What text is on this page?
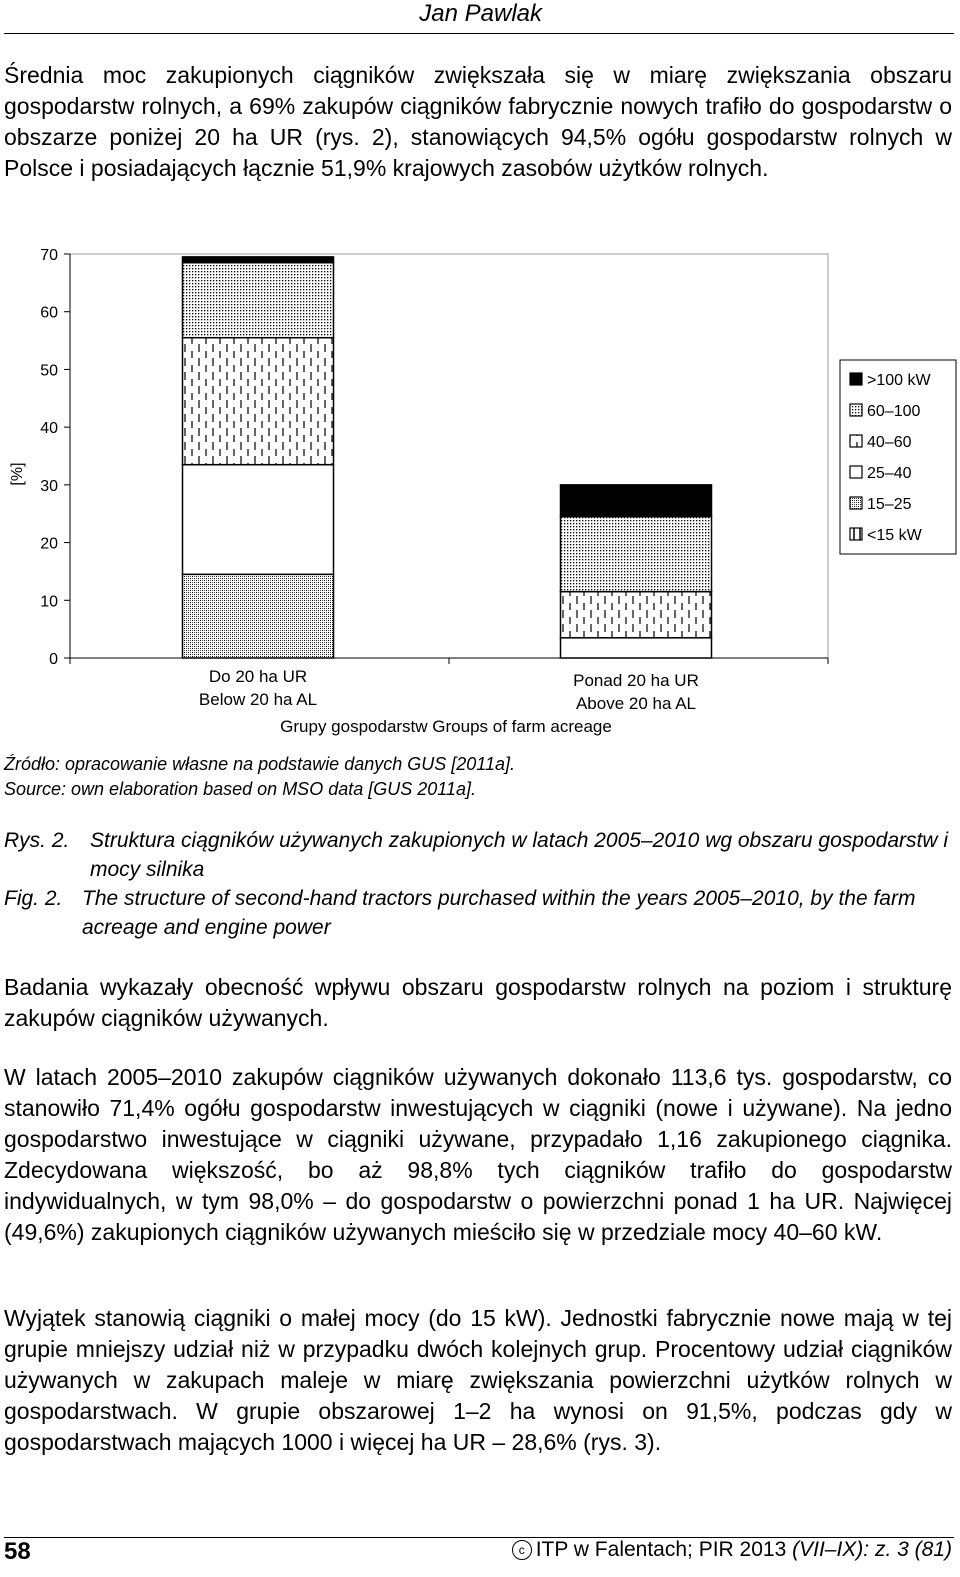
Jan Pawlak

Średnia moc zakupionych ciągników zwiększała się w miarę zwiększania obszaru gospodarstw rolnych, a 69% zakupów ciągników fabrycznie nowych trafiło do gospodarstw o obszarze poniżej 20 ha UR (rys. 2), stanowiących 94,5% ogółu gospodarstw rolnych w Polsce i posiadających łącznie 51,9% krajowych zasobów użytków rolnych.

0
10
20
30
40
50
60
70
[%]
Do 20 ha UR
Below 20 ha AL
Ponad 20 ha UR
Above 20 ha AL
Grupy gospodarstw Groups of farm acreage
>100 kW
60–100
40–60
25–40
15–25
<15 kW
Źródło: opracowanie własne na podstawie danych GUS [2011a].
Source: own elaboration based on MSO data [GUS 2011a].
Rys. 2. Struktura ciągników używanych zakupionych w latach 2005–2010 wg obszaru gospodarstw i mocy silnika
Fig. 2. The structure of second-hand tractors purchased within the years 2005–2010, by the farm acreage and engine power

Badania wykazały obecność wpływu obszaru gospodarstw rolnych na poziom i strukturę zakupów ciągników używanych.

W latach 2005–2010 zakupów ciągników używanych dokonało 113,6 tys. gospodarstw, co stanowiło 71,4% ogółu gospodarstw inwestujących w ciągniki (nowe i używane). Na jedno gospodarstwo inwestujące w ciągniki używane, przypadało 1,16 zakupionego ciągnika. Zdecydowana większość, bo aż 98,8% tych ciągników trafiło do gospodarstw indywidualnych, w tym 98,0% – do gospodarstw o powierzchni ponad 1 ha UR. Najwięcej (49,6%) zakupionych ciągników używanych mieściło się w przedziale mocy 40–60 kW.

Wyjątek stanowią ciągniki o małej mocy (do 15 kW). Jednostki fabrycznie nowe mają w tej grupie mniejszy udział niż w przypadku dwóch kolejnych grup. Procentowy udział ciągników używanych w zakupach maleje w miarę zwiększania powierzchni użytków rolnych w gospodarstwach. W grupie obszarowej 1–2 ha wynosi on 91,5%, podczas gdy w gospodarstwach mających 1000 i więcej ha UR – 28,6% (rys. 3).

58	c ITP w Falentach; PIR 2013 (VII–IX): z. 3 (81)
